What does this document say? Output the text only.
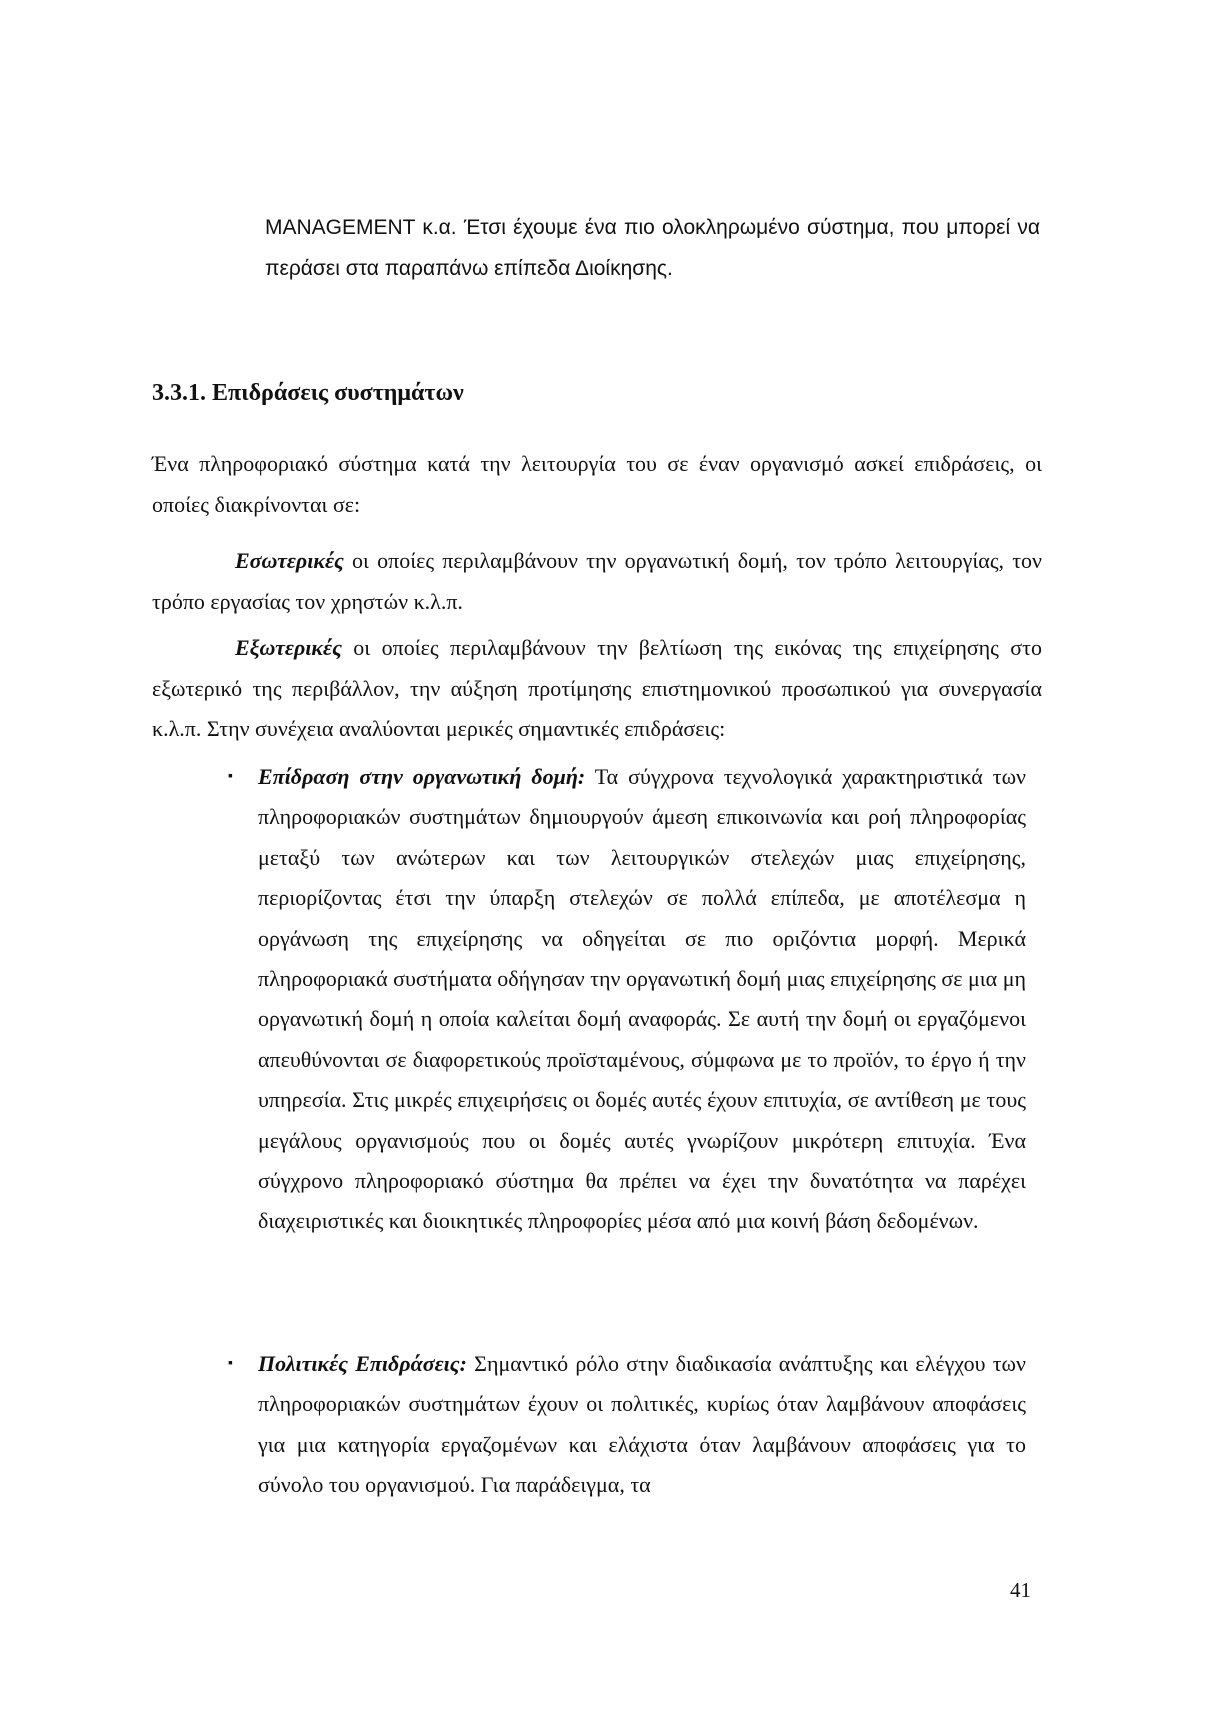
MANAGEMENT κ.α. Έτσι έχουμε ένα πιο ολοκληρωμένο σύστημα, που μπορεί να περάσει στα παραπάνω επίπεδα Διοίκησης.

3.3.1. Επιδράσεις συστημάτων

Ένα πληροφοριακό σύστημα κατά την λειτουργία του σε έναν οργανισμό ασκεί επιδράσεις, οι οποίες διακρίνονται σε:

Εσωτερικές οι οποίες περιλαμβάνουν την οργανωτική δομή, τον τρόπο λειτουργίας, τον τρόπο εργασίας τον χρηστών κ.λ.π.

Εξωτερικές οι οποίες περιλαμβάνουν την βελτίωση της εικόνας της επιχείρησης στο εξωτερικό της περιβάλλον, την αύξηση προτίμησης επιστημονικού προσωπικού για συνεργασία κ.λ.π. Στην συνέχεια αναλύονται μερικές σημαντικές επιδράσεις:

▪ Επίδραση στην οργανωτική δομή: Τα σύγχρονα τεχνολογικά χαρακτηριστικά των πληροφοριακών συστημάτων δημιουργούν άμεση επικοινωνία και ροή πληροφορίας μεταξύ των ανώτερων και των λειτουργικών στελεχών μιας επιχείρησης, περιορίζοντας έτσι την ύπαρξη στελεχών σε πολλά επίπεδα, με αποτέλεσμα η οργάνωση της επιχείρησης να οδηγείται σε πιο οριζόντια μορφή. Μερικά πληροφοριακά συστήματα οδήγησαν την οργανωτική δομή μιας επιχείρησης σε μια μη οργανωτική δομή η οποία καλείται δομή αναφοράς. Σε αυτή την δομή οι εργαζόμενοι απευθύνονται σε διαφορετικούς προϊσταμένους, σύμφωνα με το προϊόν, το έργο ή την υπηρεσία. Στις μικρές επιχειρήσεις οι δομές αυτές έχουν επιτυχία, σε αντίθεση με τους μεγάλους οργανισμούς που οι δομές αυτές γνωρίζουν μικρότερη επιτυχία. Ένα σύγχρονο πληροφοριακό σύστημα θα πρέπει να έχει την δυνατότητα να παρέχει διαχειριστικές και διοικητικές πληροφορίες μέσα από μια κοινή βάση δεδομένων.
▪ Πολιτικές Επιδράσεις: Σημαντικό ρόλο στην διαδικασία ανάπτυξης και ελέγχου των πληροφοριακών συστημάτων έχουν οι πολιτικές, κυρίως όταν λαμβάνουν αποφάσεις για μια κατηγορία εργαζομένων και ελάχιστα όταν λαμβάνουν αποφάσεις για το σύνολο του οργανισμού. Για παράδειγμα, τα
41
